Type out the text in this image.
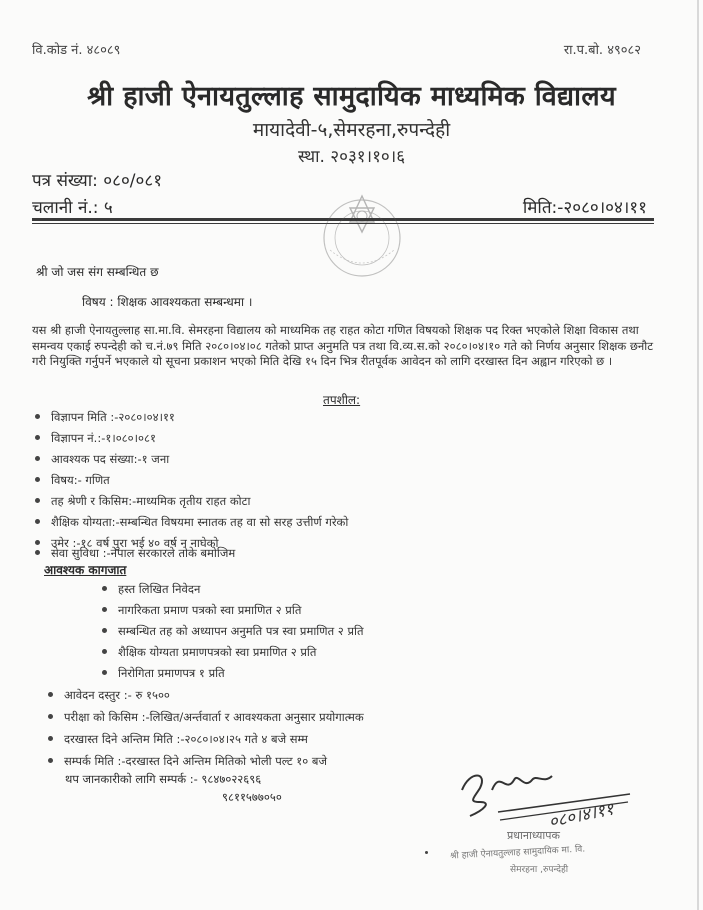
वि.कोड नं. ४८०८९	रा.प.बो. ४९०८२
श्री हाजी ऐनायतुल्लाह सामुदायिक माध्यमिक विद्यालय
मायादेवी-५,सेमरहना,रुपन्देही
स्था. २०३१।१०।६
पत्र संख्या: ०८०/०८१
चलानी नं.: ५	मिति:-२०८०।०४।११
श्री जो जस संग सम्बन्धित छ
विषय : शिक्षक आवश्यकता सम्बन्धमा ।
यस श्री हाजी ऐनायतुल्लाह सा.मा.वि. सेमरहना विद्यालय को माध्यमिक तह राहत कोटा गणित विषयको शिक्षक पद रिक्त भएकोले शिक्षा विकास तथा समन्वय एकाई रुपन्देही को च.नं.७९ मिति २०८०।०४।०८ गतेको प्राप्त अनुमति पत्र तथा वि.व्य.स.को २०८०।०४।१० गते को निर्णय अनुसार शिक्षक छनौट गरी नियुक्ति गर्नुपर्ने भएकाले यो सूचना प्रकाशन भएको मिति देखि १५ दिन भित्र रीतपूर्वक आवेदन को लागि दरखास्त दिन अह्वान गरिएको छ ।
तपशील:
विज्ञापन मिति :-२०८०।०४।११
विज्ञापन नं.:-१।०८०।०८१
आवश्यक पद संख्या:-१ जना
विषय:- गणित
तह श्रेणी र किसिम:-माध्यमिक तृतीय राहत कोटा
शैक्षिक योग्यता:-सम्बन्धित विषयमा स्नातक तह वा सो सरह उत्तीर्ण गरेको
उमेर :-१८ वर्ष पुरा भई ४० वर्ष न नाघेको
सेवा सुविधा :-नेपाल सरकारले तोके बमोजिम
आवश्यक कागजात
हस्त लिखित निवेदन
नागरिकता प्रमाण पत्रको स्वा प्रमाणित २ प्रति
सम्बन्धित तह को अध्यापन अनुमति पत्र स्वा प्रमाणित २ प्रति
शैक्षिक योग्यता प्रमाणपत्रको स्वा प्रमाणित २ प्रति
निरोगिता प्रमाणपत्र १ प्रति
आवेदन दस्तुर :- रु १५००
परीक्षा को किसिम :-लिखित/अर्न्तवार्ता र आवश्यकता अनुसार प्रयोगात्मक
दरखास्त दिने अन्तिम मिति :-२०८०।०४।२५ गते ४ बजे सम्म
सम्पर्क मिति :-दरखास्त दिने अन्तिम मितिको भोली पल्ट १० बजे
थप जानकारीको लागि सम्पर्क :- ९८४७०२२६९६
९८११५७७०५०
०८०।४।११
प्रधानाध्यापक
श्री हाजी ऐनायतुल्लाह सामुदायिक मा. वि.
सेमरहना ,रुपन्देही
